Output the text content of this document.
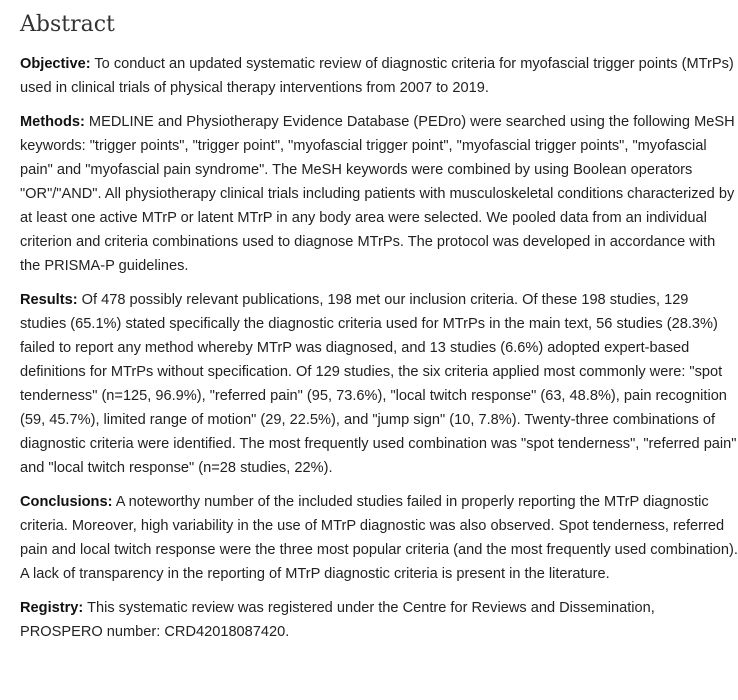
Abstract

Objective: To conduct an updated systematic review of diagnostic criteria for myofascial trigger points (MTrPs) used in clinical trials of physical therapy interventions from 2007 to 2019.

Methods: MEDLINE and Physiotherapy Evidence Database (PEDro) were searched using the following MeSH keywords: "trigger points", "trigger point", "myofascial trigger point", "myofascial trigger points", "myofascial pain" and "myofascial pain syndrome". The MeSH keywords were combined by using Boolean operators "OR"/"AND". All physiotherapy clinical trials including patients with musculoskeletal conditions characterized by at least one active MTrP or latent MTrP in any body area were selected. We pooled data from an individual criterion and criteria combinations used to diagnose MTrPs. The protocol was developed in accordance with the PRISMA-P guidelines.

Results: Of 478 possibly relevant publications, 198 met our inclusion criteria. Of these 198 studies, 129 studies (65.1%) stated specifically the diagnostic criteria used for MTrPs in the main text, 56 studies (28.3%) failed to report any method whereby MTrP was diagnosed, and 13 studies (6.6%) adopted expert-based definitions for MTrPs without specification. Of 129 studies, the six criteria applied most commonly were: "spot tenderness" (n=125, 96.9%), "referred pain" (95, 73.6%), "local twitch response" (63, 48.8%), pain recognition (59, 45.7%), limited range of motion" (29, 22.5%), and "jump sign" (10, 7.8%). Twenty-three combinations of diagnostic criteria were identified. The most frequently used combination was "spot tenderness", "referred pain" and "local twitch response" (n=28 studies, 22%).

Conclusions: A noteworthy number of the included studies failed in properly reporting the MTrP diagnostic criteria. Moreover, high variability in the use of MTrP diagnostic was also observed. Spot tenderness, referred pain and local twitch response were the three most popular criteria (and the most frequently used combination). A lack of transparency in the reporting of MTrP diagnostic criteria is present in the literature.

Registry: This systematic review was registered under the Centre for Reviews and Dissemination, PROSPERO number: CRD42018087420.
